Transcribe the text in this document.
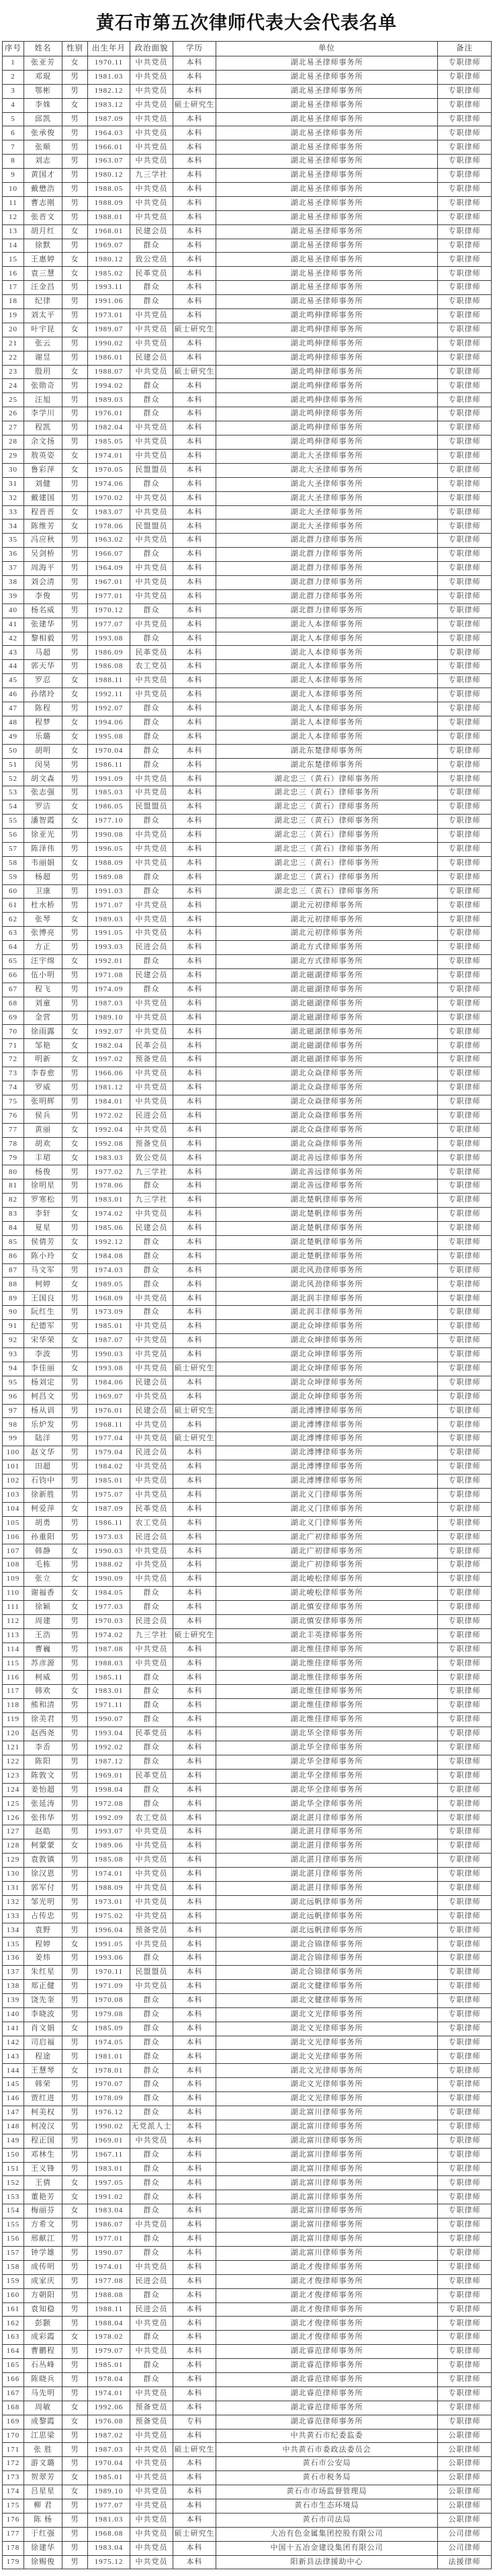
黄石市第五次律师代表大会代表名单
序号	姓名	性别	出生年月	政治面貌	学历	单位	备注
1	张亚芳	女	1970.11	中共党员	本科	湖北易圣律师事务所	专职律师
2	邓琨	男	1981.03	中共党员	本科	湖北易圣律师事务所	专职律师
3	鄂彬	男	1982.12	中共党员	本科	湖北易圣律师事务所	专职律师
4	李姝	女	1983.12	中共党员	硕士研究生	湖北易圣律师事务所	专职律师
5	邱凯	男	1987.09	中共党员	本科	湖北易圣律师事务所	专职律师
6	张承俊	男	1964.03	中共党员	本科	湖北易圣律师事务所	专职律师
7	张顺	男	1966.01	中共党员	本科	湖北易圣律师事务所	专职律师
8	刘志	男	1963.07	中共党员	本科	湖北易圣律师事务所	专职律师
9	黄国才	男	1980.12	九三学社	本科	湖北易圣律师事务所	专职律师
10	戴懋浩	男	1988.05	中共党员	本科	湖北易圣律师事务所	专职律师
11	曹志刚	男	1988.09	中共党员	本科	湖北易圣律师事务所	专职律师
12	张晋文	男	1988.01	中共党员	本科	湖北易圣律师事务所	专职律师
13	胡月红	女	1968.01	民建会员	本科	湖北易圣律师事务所	专职律师
14	徐默	男	1969.07	群众	本科	湖北易圣律师事务所	专职律师
15	王惠婷	女	1980.12	致公党员	本科	湖北易圣律师事务所	专职律师
16	袁三慧	女	1985.02	民革党员	本科	湖北易圣律师事务所	专职律师
17	汪金昌	男	1993.11	群众	本科	湖北易圣律师事务所	专职律师
18	纪律	男	1991.06	群众	本科	湖北易圣律师事务所	专职律师
19	刘太平	男	1973.01	中共党员	本科	湖北鸣伸律师事务所	专职律师
20	叶宇昆	女	1989.07	中共党员	硕士研究生	湖北鸣伸律师事务所	专职律师
21	张云	男	1990.02	中共党员	本科	湖北鸣伸律师事务所	专职律师
22	谢昱	男	1986.01	民建会员	本科	湖北鸣伸律师事务所	专职律师
23	殷玥	女	1988.07	中共党员	硕士研究生	湖北鸣伸律师事务所	专职律师
24	张勋奇	男	1994.02	群众	本科	湖北鸣伸律师事务所	专职律师
25	汪旭	男	1989.03	群众	本科	湖北鸣伸律师事务所	专职律师
26	李学川	男	1976.01	群众	本科	湖北鸣伸律师事务所	专职律师
27	程凯	男	1982.04	中共党员	本科	湖北鸣伸律师事务所	专职律师
28	余文扬	男	1985.05	中共党员	本科	湖北鸣伸律师事务所	专职律师
29	敖英姿	女	1974.01	中共党员	本科	湖北大圣律师事务所	专职律师
30	鲁彩萍	女	1970.05	民盟盟员	本科	湖北大圣律师事务所	专职律师
31	刘健	男	1974.06	群众	本科	湖北大圣律师事务所	专职律师
32	戴建国	男	1970.02	中共党员	本科	湖北大圣律师事务所	专职律师
33	程晋晋	女	1983.07	中共党员	本科	湖北大圣律师事务所	专职律师
34	陈维芳	女	1978.06	民盟盟员	本科	湖北大圣律师事务所	专职律师
35	冯应秋	男	1963.02	中共党员	本科	湖北群力律师事务所	专职律师
36	吴剑桥	男	1966.07	群众	本科	湖北群力律师事务所	专职律师
37	周海平	男	1964.09	中共党员	本科	湖北群力律师事务所	专职律师
38	刘会清	男	1967.01	中共党员	本科	湖北群力律师事务所	专职律师
39	李俊	男	1977.01	中共党员	本科	湖北群力律师事务所	专职律师
40	杨名威	男	1970.12	群众	本科	湖北群力律师事务所	专职律师
41	张建华	男	1977.07	中共党员	本科	湖北人本律师事务所	专职律师
42	黎相毅	男	1993.08	群众	本科	湖北人本律师事务所	专职律师
43	马超	男	1986.09	民革党员	本科	湖北人本律师事务所	专职律师
44	郭天华	男	1986.08	农工党员	本科	湖北人本律师事务所	专职律师
45	罗忍	女	1988.11	中共党员	本科	湖北人本律师事务所	专职律师
46	孙绪玲	女	1992.11	中共党员	本科	湖北人本律师事务所	专职律师
47	陈程	男	1992.07	群众	本科	湖北人本律师事务所	专职律师
48	程梦	女	1994.06	群众	本科	湖北人本律师事务所	专职律师
49	乐璐	女	1995.08	群众	本科	湖北人本律师事务所	专职律师
50	胡明	女	1970.04	群众	本科	湖北东楚律师事务所	专职律师
51	闵昊	男	1986.11	群众	本科	湖北东楚律师事务所	专职律师
52	胡文森	男	1991.09	中共党员	本科	湖北忠三（黄石）律师事务所	专职律师
53	张志强	男	1985.03	中共党员	本科	湖北忠三（黄石）律师事务所	专职律师
54	罗洁	女	1986.05	民盟盟员	本科	湖北忠三（黄石）律师事务所	专职律师
55	潘智霞	女	1977.10	群众	本科	湖北忠三（黄石）律师事务所	专职律师
56	徐亚光	男	1990.08	中共党员	本科	湖北忠三（黄石）律师事务所	专职律师
57	陈泽伟	男	1996.05	中共党员	本科	湖北忠三（黄石）律师事务所	专职律师
58	韦丽娟	女	1988.09	中共党员	本科	湖北忠三（黄石）律师事务所	专职律师
59	杨超	男	1989.08	群众	本科	湖北忠三（黄石）律师事务所	专职律师
60	卫康	男	1991.03	群众	本科	湖北忠三（黄石）律师事务所	专职律师
61	杜水桥	男	1971.07	中共党员	本科	湖北元初律师事务所	专职律师
62	张琴	女	1989.03	中共党员	本科	湖北元初律师事务所	专职律师
63	张博亮	男	1991.05	中共党员	本科	湖北元初律师事务所	专职律师
64	方正	男	1993.03	民进会员	本科	湖北方式律师事务所	专职律师
65	汪宇绵	女	1992.01	群众	本科	湖北方式律师事务所	专职律师
66	伍小明	男	1971.08	民建会员	本科	湖北磁湖律师事务所	专职律师
67	程飞	男	1974.09	群众	本科	湖北磁湖律师事务所	专职律师
68	刘童	男	1987.03	中共党员	本科	湖北磁湖律师事务所	专职律师
69	金营	男	1989.10	中共党员	本科	湖北磁湖律师事务所	专职律师
70	徐雨露	女	1992.07	中共党员	本科	湖北磁湖律师事务所	专职律师
71	邹艳	女	1982.04	民革会员	本科	湖北磁湖律师事务所	专职律师
72	明新	女	1997.02	预备党员	本科	湖北磁湖律师事务所	专职律师
73	李春愈	男	1966.06	中共党员	本科	湖北众焱律师事务所	专职律师
74	罗威	男	1981.12	中共党员	本科	湖北众焱律师事务所	专职律师
75	张明辉	男	1984.01	中共党员	本科	湖北众焱律师事务所	专职律师
76	侯兵	男	1972.02	民进会员	本科	湖北众焱律师事务所	专职律师
77	黄丽	女	1992.04	中共党员	本科	湖北众焱律师事务所	专职律师
78	胡欢	女	1992.08	预备党员	本科	湖北众焱律师事务所	专职律师
79	丰珺	女	1983.03	致公党员	本科	湖北善远律师事务所	专职律师
80	杨俊	男	1977.02	九三学社	本科	湖北善远律师事务所	专职律师
81	徐明星	男	1978.06	群众	本科	湖北善远律师事务所	专职律师
82	罗寒松	男	1983.01	九三学社	本科	湖北楚帆律师事务所	专职律师
83	李轩	女	1974.02	中共党员	本科	湖北楚帆律师事务所	专职律师
84	夏星	男	1985.06	民建会员	本科	湖北楚帆律师事务所	专职律师
85	侯倩芳	女	1992.12	群众	本科	湖北楚帆律师事务所	专职律师
86	陈小玲	女	1984.08	群众	本科	湖北楚帆律师事务所	专职律师
87	马文军	男	1974.03	群众	本科	湖北风劲律师事务所	专职律师
88	柯婷	女	1989.05	群众	本科	湖北风劲律师事务所	专职律师
89	王国良	男	1968.09	中共党员	本科	湖北润丰律师事务所	专职律师
90	阮红生	男	1973.09	群众	本科	湖北润丰律师事务所	专职律师
91	纪德军	男	1985.01	中共党员	本科	湖北众坤律师事务所	专职律师
92	宋华荣	女	1987.07	中共党员	本科	湖北众坤律师事务所	专职律师
93	李波	男	1990.03	中共党员	本科	湖北众坤律师事务所	专职律师
94	李佳丽	女	1993.08	中共党员	硕士研究生	湖北众坤律师事务所	专职律师
95	杨刘定	男	1984.06	民建会员	本科	湖北众坤律师事务所	专职律师
96	柯昌文	男	1969.07	中共党员	本科	湖北众坤律师事务所	专职律师
97	杨从训	男	1976.01	民建会员	硕士研究生	湖北溥博律师事务所	专职律师
98	乐炉发	男	1968.11	中共党员	本科	湖北溥博律师事务所	专职律师
99	陆洋	男	1977.04	中共党员	硕士研究生	湖北溥博律师事务所	专职律师
100	赵文华	男	1979.04	民进会员	本科	湖北溥博律师事务所	专职律师
101	田超	男	1984.02	中共党员	本科	湖北溥博律师事务所	专职律师
102	石钧中	男	1985.01	中共党员	本科	湖北溥博律师事务所	专职律师
103	徐新胜	男	1975.07	中共党员	本科	湖北义门律师事务所	专职律师
104	柯爱萍	女	1987.09	民革党员	本科	湖北义门律师事务所	专职律师
105	胡勇	男	1986.11	农工党员	本科	湖北义门律师事务所	专职律师
106	孙重阳	男	1973.03	民进会员	本科	湖北广初律师事务所	专职律师
107	韩静	女	1990.03	中共党员	本科	湖北广初律师事务所	专职律师
108	毛栋	男	1988.02	中共党员	本科	湖北广初律师事务所	专职律师
109	张立	女	1990.09	中共党员	本科	湖北峻松律师事务所	专职律师
110	谢福香	女	1984.05	群众	本科	湖北峻松律师事务所	专职律师
111	徐颖	女	1977.03	群众	本科	湖北慎安律师事务所	专职律师
112	周建	男	1970.03	民进会员	本科	湖北慎安律师事务所	专职律师
113	王浩	男	1974.02	九三学社	硕士研究生	湖北丰英律师事务所	专职律师
114	曹巍	男	1987.08	中共党员	本科	湖北维佳律师事务所	专职律师
115	苏彦源	男	1988.03	中共党员	本科	湖北维佳律师事务所	专职律师
116	柯威	男	1985.11	群众	本科	湖北维佳律师事务所	专职律师
117	韩欢	女	1983.01	群众	本科	湖北维佳律师事务所	专职律师
118	熊和清	男	1971.11	群众	本科	湖北维佳律师事务所	专职律师
119	徐美君	男	1990.07	群众	本科	湖北维佳律师事务所	专职律师
120	赵西尧	男	1993.04	民革党员	本科	湖北华全律师事务所	专职律师
121	李岙	男	1992.02	群众	本科	湖北华全律师事务所	专职律师
122	陈阳	男	1987.12	群众	本科	湖北华全律师事务所	专职律师
123	陈敦文	男	1969.01	民革党员	本科	湖北华全律师事务所	专职律师
124	姜怡超	男	1998.04	群众	本科	湖北华全律师事务所	专职律师
125	张延涛	男	1972.08	群众	本科	湖北华全律师事务所	专职律师
126	张伟华	男	1992.09	农工党员	本科	湖北湛月律师事务所	专职律师
127	赵皓	男	1993.07	中共党员	本科	湖北湛月律师事务所	专职律师
128	柯蒙蒙	女	1989.06	中共党员	本科	湖北湛月律师事务所	专职律师
129	袁敦镇	男	1985.08	中共党员	本科	湖北湛月律师事务所	专职律师
130	徐汉恩	男	1974.01	中共党员	本科	湖北湛月律师事务所	专职律师
131	郭军付	男	1988.09	中共党员	本科	湖北湛月律师事务所	专职律师
132	邹光明	男	1973.01	中共党员	本科	湖北远帆律师事务所	专职律师
133	占传忠	男	1975.02	中共党员	本科	湖北远帆律师事务所	专职律师
134	袁野	男	1996.04	预备党员	本科	湖北远帆律师事务所	专职律师
135	程婷	女	1991.05	中共党员	本科	湖北合锦律师事务所	专职律师
136	姜炜	男	1993.06	群众	本科	湖北合锦律师事务所	专职律师
137	朱红星	男	1970.11	民盟盟员	本科	湖北合锦律师事务所	专职律师
138	郑正健	男	1971.09	中共党员	本科	湖北文健律师事务所	专职律师
139	饶先奎	男	1970.08	群众	本科	湖北文健律师事务所	专职律师
140	李晓波	男	1979.08	群众	本科	湖北文光律师事务所	专职律师
141	肖文娟	女	1985.09	群众	本科	湖北文光律师事务所	专职律师
142	司启福	男	1974.05	群众	本科	湖北文光律师事务所	专职律师
143	程途	男	1981.01	群众	本科	湖北文光律师事务所	专职律师
144	王慧琴	女	1978.01	群众	本科	湖北文光律师事务所	专职律师
145	韩荣	男	1970.07	群众	本科	湖北文光律师事务所	专职律师
146	贾红进	男	1978.09	群众	本科	湖北文光律师事务所	专职律师
147	柯美权	男	1976.12	群众	本科	湖北富川律师事务所	专职律师
148	柯凌汉	男	1990.02	无党派人士	本科	湖北富川律师事务所	专职律师
149	程正国	男	1969.01	中共党员	本科	湖北富川律师事务所	专职律师
150	邓林生	男	1967.11	群众	本科	湖北富川律师事务所	专职律师
151	王义锋	男	1983.01	群众	本科	湖北富川律师事务所	专职律师
152	王倩	女	1997.05	群众	本科	湖北富川律师事务所	专职律师
153	董艳芳	女	1991.02	群众	本科	湖北富川律师事务所	专职律师
154	梅丽芬	女	1983.04	群众	本科	湖北富川律师事务所	专职律师
155	方希文	男	1986.07	中共党员	本科	湖北富川律师事务所	专职律师
156	邢献江	男	1977.01	群众	本科	湖北富川律师事务所	专职律师
157	钟学雄	男	1990.07	群众	本科	湖北富川律师事务所	专职律师
158	成传明	男	1974.01	中共党员	本科	湖北才俊律师事务所	专职律师
159	成家庆	男	1977.08	民进会员	本科	湖北才俊律师事务所	专职律师
160	方朝阳	男	1988.08	群众	本科	湖北才俊律师事务所	专职律师
161	袁知稳	男	1988.11	民进会员	本科	湖北才俊律师事务所	专职律师
162	彭颢	男	1988.04	中共党员	本科	湖北才俊律师事务所	专职律师
163	成彩霞	女	1978.02	群众	本科	湖北才俊律师事务所	专职律师
164	曹鹏程	男	1979.07	中共党员	本科	湖北睿范律师事务所	专职律师
165	石丛峰	男	1985.01	群众	本科	湖北睿范律师事务所	专职律师
166	陈晓兵	男	1978.04	群众	本科	湖北睿范律师事务所	专职律师
167	马先明	男	1974.01	中共党员	本科	湖北睿范律师事务所	专职律师
168	周敏	女	1992.06	预备党员	本科	湖北睿范律师事务所	专职律师
169	成黎霞	女	1976.08	预备党员	专科	湖北睿范律师事务所	专职律师
170	江思梁	男	1987.02	中共党员	本科	中共黄石市纪委监委	公职律师
171	张 胜	男	1987.03	中共党员	硕士研究生	中共黄石市委政法委员会	公职律师
172	游文璐	男	1970.04	中共党员	本科	黄石市公安局	公职律师
173	贺翠芳	女	1985.01	中共党员	本科	黄石市税务局	公职律师
174	吕星星	女	1989.10	中共党员	本科	黄石市市场监督管理局	公职律师
175	柳 君	男	1977.07	中共党员	本科	黄石市生态环境局	公职律师
176	陈 杨	男	1981.03	中共党员	本科	黄石市司法局	公职律师
177	于红强	男	1968.08	中共党员	硕士研究生	大冶有色金属集团控股有限公司	公司律师
178	徐建华	男	1983.04	中共党员	本科	中国十五冶金建设集团有限公司	公司律师
179	徐赐俊	男	1975.12	中共党员	本科	阳新县法律援助中心	法援律师
